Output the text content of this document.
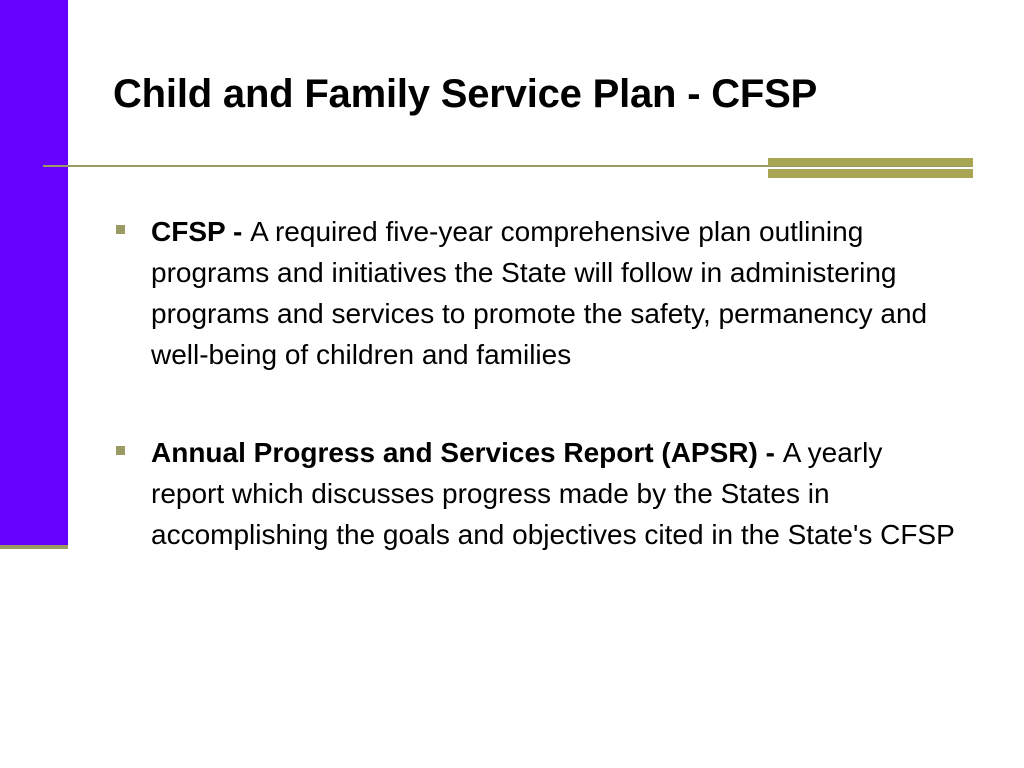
Child and Family Service Plan - CFSP
CFSP - A required five-year comprehensive plan outlining programs and initiatives the State will follow in administering programs and services to promote the safety, permanency and well-being of children and families
Annual Progress and Services Report (APSR) - A yearly report which discusses progress made by the States in accomplishing the goals and objectives cited in the State's CFSP
